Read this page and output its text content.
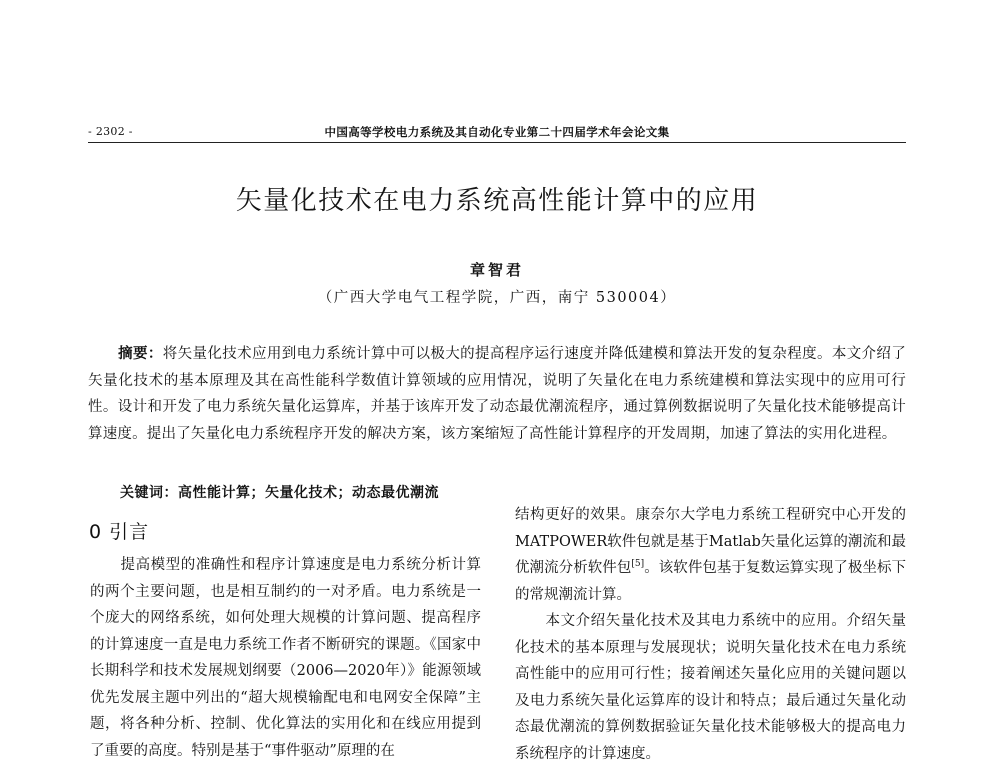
- 2302 -	中国高等学校电力系统及其自动化专业第二十四届学术年会论文集
矢量化技术在电力系统高性能计算中的应用
章智君
（广西大学电气工程学院，广西，南宁 530004）
摘要：将矢量化技术应用到电力系统计算中可以极大的提高程序运行速度并降低建模和算法开发的复杂程度。本文介绍了矢量化技术的基本原理及其在高性能科学数值计算领域的应用情况，说明了矢量化在电力系统建模和算法实现中的应用可行性。设计和开发了电力系统矢量化运算库，并基于该库开发了动态最优潮流程序，通过算例数据说明了矢量化技术能够提高计算速度。提出了矢量化电力系统程序开发的解决方案，该方案缩短了高性能计算程序的开发周期，加速了算法的实用化进程。
关键词：高性能计算；矢量化技术；动态最优潮流
0 引言
提高模型的准确性和程序计算速度是电力系统分析计算的两个主要问题，也是相互制约的一对矛盾。电力系统是一个庞大的网络系统，如何处理大规模的计算问题、提高程序的计算速度一直是电力系统工作者不断研究的课题。《国家中长期科学和技术发展规划纲要（2006—2020年）》能源领域优先发展主题中列出的“超大规模输配电和电网安全保障”主题，将各种分析、控制、优化算法的实用化和在线应用提到了重要的高度。特别是基于“事件驱动”原理的在
结构更好的效果。康奈尔大学电力系统工程研究中心开发的MATPOWER软件包就是基于Matlab矢量化运算的潮流和最优潮流分析软件包[5]。该软件包基于复数运算实现了极坐标下的常规潮流计算。
本文介绍矢量化技术及其电力系统中的应用。介绍矢量化技术的基本原理与发展现状；说明矢量化技术在电力系统高性能中的应用可行性；接着阐述矢量化应用的关键问题以及电力系统矢量化运算库的设计和特点；最后通过矢量化动态最优潮流的算例数据验证矢量化技术能够极大的提高电力系统程序的计算速度。
